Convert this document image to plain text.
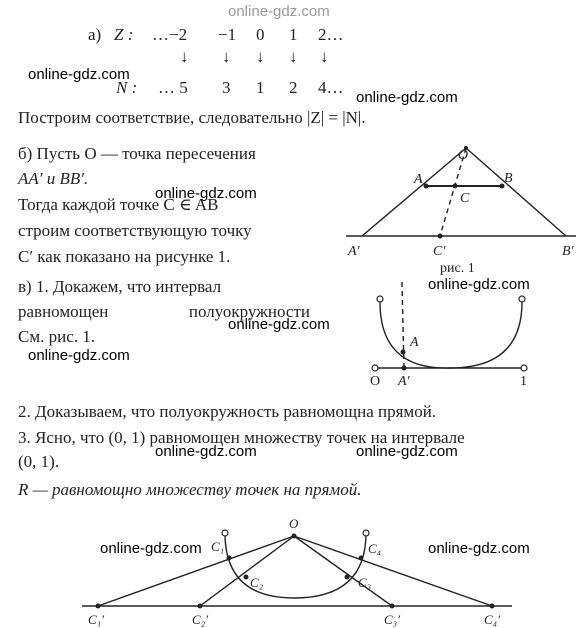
а) Z : …−2 −1 0 1 2…
↓ ↓ ↓ ↓ ↓
N : … 5 3 1 2 4…
Построим соответствие, следовательно |Z| = |N|.
б) Пусть O — точка пересечения
AA′ и BB′.
Тогда каждой точке C ∈ AB
строим соответствующую точку
C′ как показано на рисунке 1.
в) 1. Докажем, что интервал
равномощен полуокружности
См. рис. 1.
2. Доказываем, что полуокружность равномощна прямой.
3. Ясно, что (0, 1) равномощен множеству точек на интервале
(0, 1).
R — равномощно множеству точек на прямой.
O
A	B
C
A′	C′	B′
рис. 1
A
O A′	1
O
C₁
C₂	C₃
C₄
C₁′	C₂′	C₃′	C₄′
online-gdz.com
online-gdz.com
online-gdz.com
online-gdz.com
online-gdz.com
online-gdz.com
online-gdz.com
online-gdz.com	online-gdz.com
online-gdz.com	online-gdz.com
